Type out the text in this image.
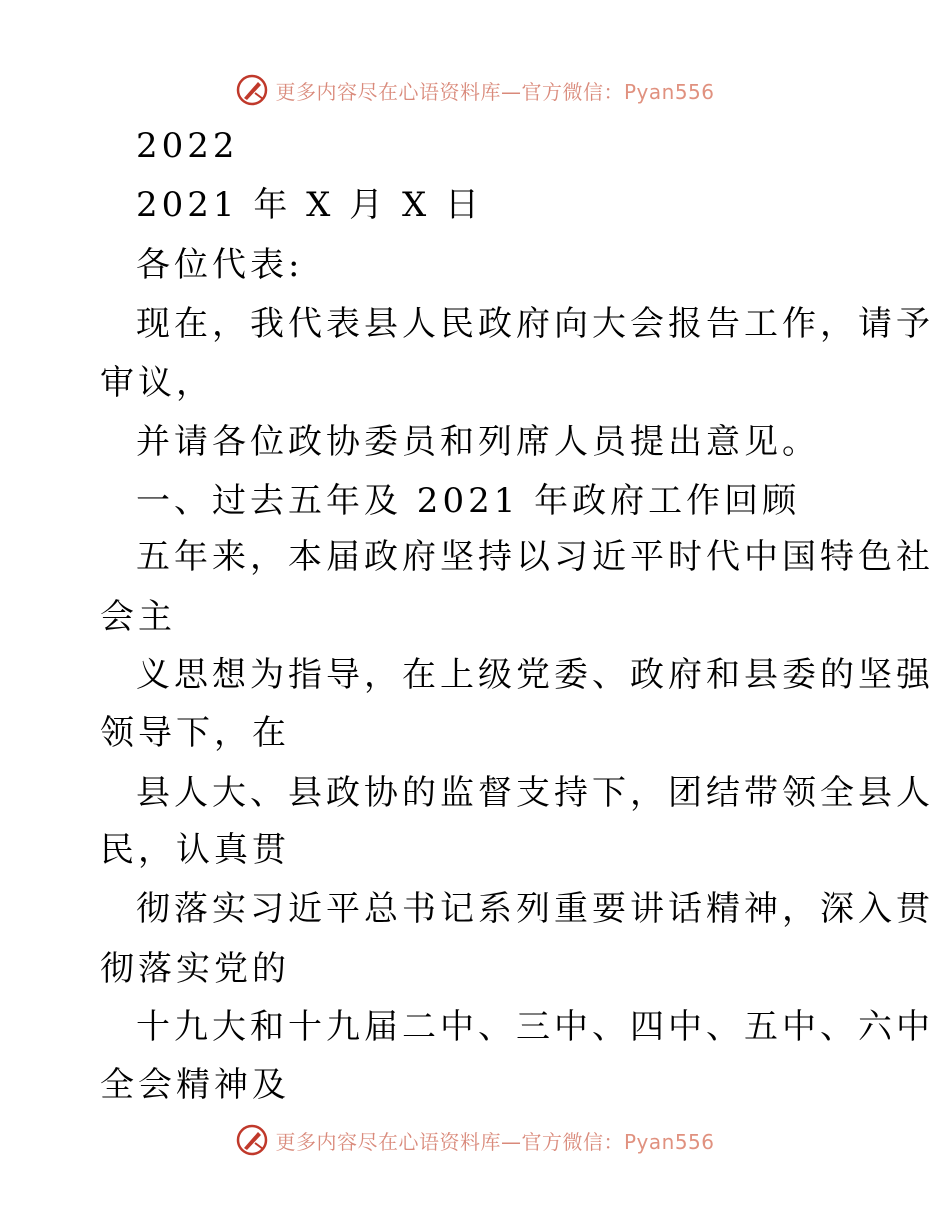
更多内容尽在心语资料库—官方微信：Pyan556
2022
2021 年 X 月 X 日
各位代表:
现在，我代表县人民政府向大会报告工作，请予
审议，
并请各位政协委员和列席人员提出意见。
一、过去五年及 2021 年政府工作回顾
五年来，本届政府坚持以习近平时代中国特色社
会主
义思想为指导，在上级党委、政府和县委的坚强
领导下，在
县人大、县政协的监督支持下，团结带领全县人
民，认真贯
彻落实习近平总书记系列重要讲话精神，深入贯
彻落实党的
十九大和十九届二中、三中、四中、五中、六中
全会精神及
更多内容尽在心语资料库—官方微信：Pyan556
